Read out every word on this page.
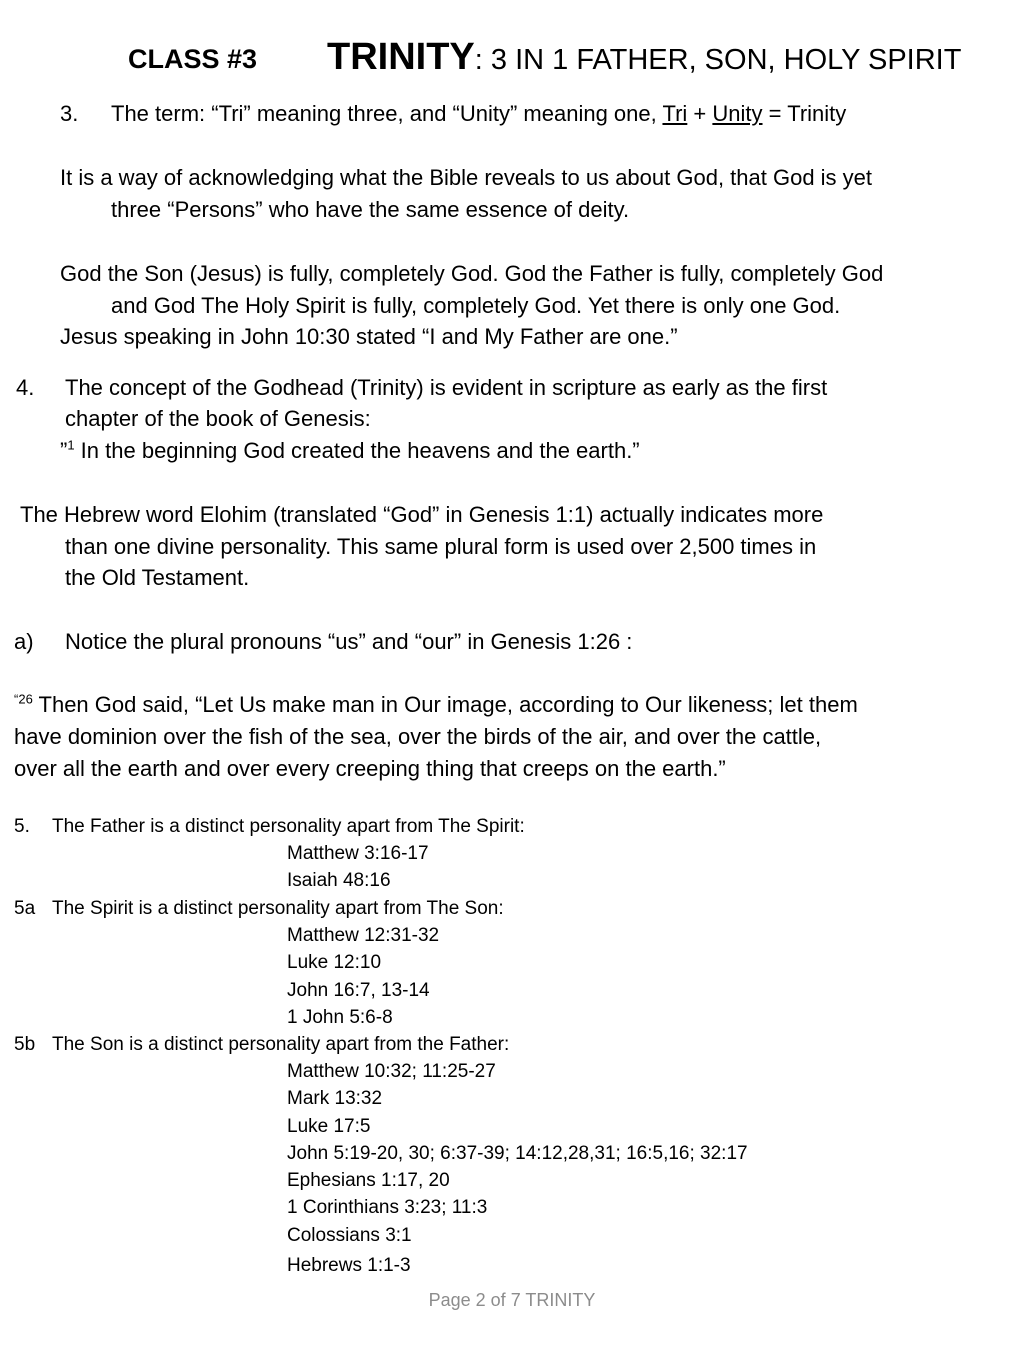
CLASS #3 TRINITY: 3 IN 1 FATHER, SON, HOLY SPIRIT
3. The term: “Tri” meaning three, and “Unity” meaning one, Tri + Unity = Trinity
It is a way of acknowledging what the Bible reveals to us about God, that God is yet
three “Persons” who have the same essence of deity.
God the Son (Jesus) is fully, completely God. God the Father is fully, completely God
and God The Holy Spirit is fully, completely God. Yet there is only one God.
Jesus speaking in John 10:30 stated “I and My Father are one.”
4. The concept of the Godhead (Trinity) is evident in scripture as early as the first
chapter of the book of Genesis:
”$^1$ In the beginning God created the heavens and the earth.”
The Hebrew word Elohim (translated “God” in Genesis 1:1) actually indicates more
than one divine personality. This same plural form is used over 2,500 times in
the Old Testament.
a) Notice the plural pronouns “us” and “our” in Genesis 1:26 :
$^{“26}$ Then God said, “Let Us make man in Our image, according to Our likeness; let them
have dominion over the fish of the sea, over the birds of the air, and over the cattle,
over all the earth and over every creeping thing that creeps on the earth.”
5. The Father is a distinct personality apart from The Spirit:
Matthew 3:16-17
Isaiah 48:16
5a The Spirit is a distinct personality apart from The Son:
Matthew 12:31-32
Luke 12:10
John 16:7, 13-14
1 John 5:6-8
5b The Son is a distinct personality apart from the Father:
Matthew 10:32; 11:25-27
Mark 13:32
Luke 17:5
John 5:19-20, 30; 6:37-39; 14:12,28,31; 16:5,16; 32:17
Ephesians 1:17, 20
1 Corinthians 3:23; 11:3
Colossians 3:1
Hebrews 1:1-3
Page 2 of 7 TRINITY
